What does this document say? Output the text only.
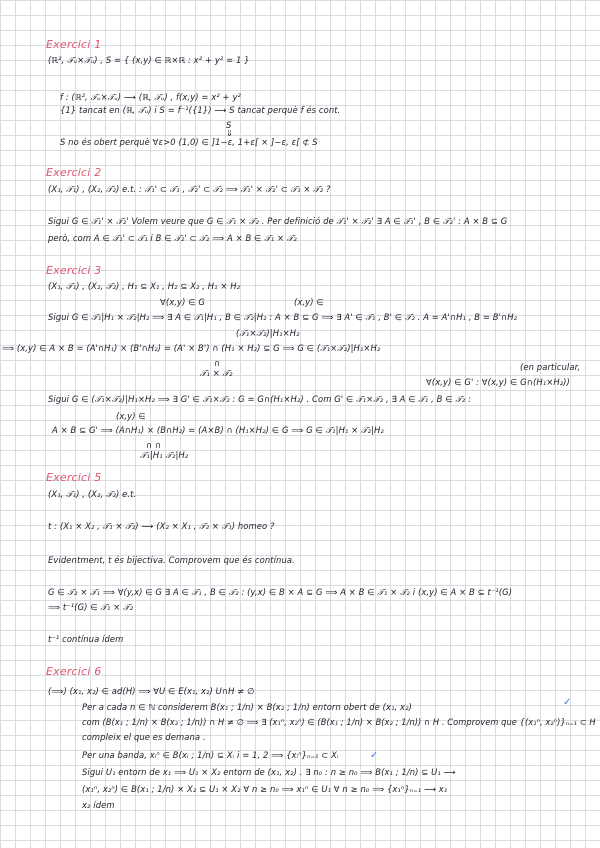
Exercici 1
(ℝ², 𝒯ᵤ×𝒯ᵤ) , S = { (x,y) ∈ ℝ×ℝ : x² + y² = 1 }
f : (ℝ², 𝒯ᵤ×𝒯ᵤ) ⟶ (ℝ, 𝒯ᵤ) , f(x,y) = x² + y²
{1} tancat en (ℝ, 𝒯ᵤ) i S = f⁻¹({1}) ⟶ S tancat perquè f és cont.
S
⇓
S no és obert perquè ∀ε>0 (1,0) ∈ ]1−ε, 1+ε[ × ]−ε, ε[ ⊄ S
Exercici 2
(X₁, 𝒯₁) , (X₂, 𝒯₂) e.t. : 𝒯₁' ⊂ 𝒯₁ , 𝒯₂' ⊂ 𝒯₂ ⟹ 𝒯₁' × 𝒯₂' ⊂ 𝒯₁ × 𝒯₂ ?
Sigui G ∈ 𝒯₁' × 𝒯₂' Volem veure que G ∈ 𝒯₁ × 𝒯₂ . Per definició de 𝒯₁' × 𝒯₂' ∃ A ∈ 𝒯₁' , B ∈ 𝒯₂' : A × B ⊆ G
però, com A ∈ 𝒯₁' ⊂ 𝒯₁ i B ∈ 𝒯₂' ⊂ 𝒯₂ ⟹ A × B ∈ 𝒯₁ × 𝒯₂
Exercici 3
(X₁, 𝒯₁) , (X₂, 𝒯₂) , H₁ ⊆ X₁ , H₂ ⊆ X₂ , H₁ × H₂
∀(x,y) ∈ G	(x,y) ∈
Sigui G ∈ 𝒯₁|H₁ × 𝒯₂|H₂ ⟹ ∃ A ∈ 𝒯₁|H₁ , B ∈ 𝒯₂|H₂ : A × B ⊆ G ⟹ ∃ A' ∈ 𝒯₁ , B' ∈ 𝒯₂ . A = A'∩H₁ , B = B'∩H₂
(𝒯₁×𝒯₂)|H₁×H₂
⟹ (x,y) ∈ A × B = (A'∩H₁) × (B'∩H₂) = (A' × B') ∩ (H₁ × H₂) ⊆ G ⟹ G ∈ (𝒯₁×𝒯₂)|H₁×H₂
(en particular,
∩
𝒯₁ × 𝒯₂
∀(x,y) ∈ G' : ∀(x,y) ∈ G∩(H₁×H₂))
Sigui G ∈ (𝒯₁×𝒯₂)|H₁×H₂ ⟹ ∃ G' ∈ 𝒯₁×𝒯₂ : G = G∩(H₁×H₂) . Com G' ∈ 𝒯₁×𝒯₂ , ∃ A ∈ 𝒯₁ , B ∈ 𝒯₂ :
(x,y) ∈
A × B ⊆ G' ⟹ (A∩H₁) × (B∩H₂) = (A×B) ∩ (H₁×H₂) ∈ G ⟹ G ∈ 𝒯₁|H₁ × 𝒯₂|H₂
∩ ∩
𝒯₁|H₁ 𝒯₂|H₂
Exercici 5
(X₁, 𝒯₁) , (X₂, 𝒯₂) e.t.
t : (X₁ × X₂ , 𝒯₁ × 𝒯₂) ⟶ (X₂ × X₁ , 𝒯₂ × 𝒯₁) homeo ?
Evidentment, t és bijectiva. Comprovem que és contínua.
G ∈ 𝒯₂ × 𝒯₁ ⟹ ∀(y,x) ∈ G ∃ A ∈ 𝒯₁ , B ∈ 𝒯₂ : (y,x) ∈ B × A ⊆ G ⟹ A × B ∈ 𝒯₁ × 𝒯₂ i (x,y) ∈ A × B ⊆ t⁻¹(G)
⟹ t⁻¹(G) ∈ 𝒯₁ × 𝒯₂
t⁻¹ contínua ídem
Exercici 6
(⟹) (x₁, x₂) ∈ ad(H) ⟹ ∀U ∈ E(x₁, x₂) U∩H ≠ ∅
✓
Per a cada n ∈ ℕ considerem B(x₁ ; 1/n) × B(x₂ ; 1/n) entorn obert de (x₁, x₂)
com (B(x₁ ; 1/n) × B(x₂ ; 1/n)) ∩ H ≠ ∅ ⟹ ∃ (x₁ⁿ, x₂ⁿ) ∈ (B(x₁ ; 1/n) × B(x₂ ; 1/n)) ∩ H . Comprovem que {(x₁ⁿ, x₂ⁿ)}ₙ₌₁ ⊂ H
compleix el que es demana .
Per una banda, xᵢⁿ ∈ B(xᵢ ; 1/n) ⊆ Xᵢ i = 1, 2 ⟹ {xᵢⁿ}ₙ₌₁ ⊂ Xᵢ	✓
Sigui U₁ entorn de x₁ ⟹ U₁ × X₂ entorn de (x₁, x₂) . ∃ n₀ : n ≥ n₀ ⟹ B(x₁ ; 1/n) ⊆ U₁ ⟶
(x₁ⁿ, x₂ⁿ) ∈ B(x₁ ; 1/n) × X₂ ⊆ U₁ × X₂ ∀ n ≥ n₀ ⟹ x₁ⁿ ∈ U₁ ∀ n ≥ n₀ ⟹ {x₁ⁿ}ₙ₌₁ ⟶ x₁
x₂ ídem
